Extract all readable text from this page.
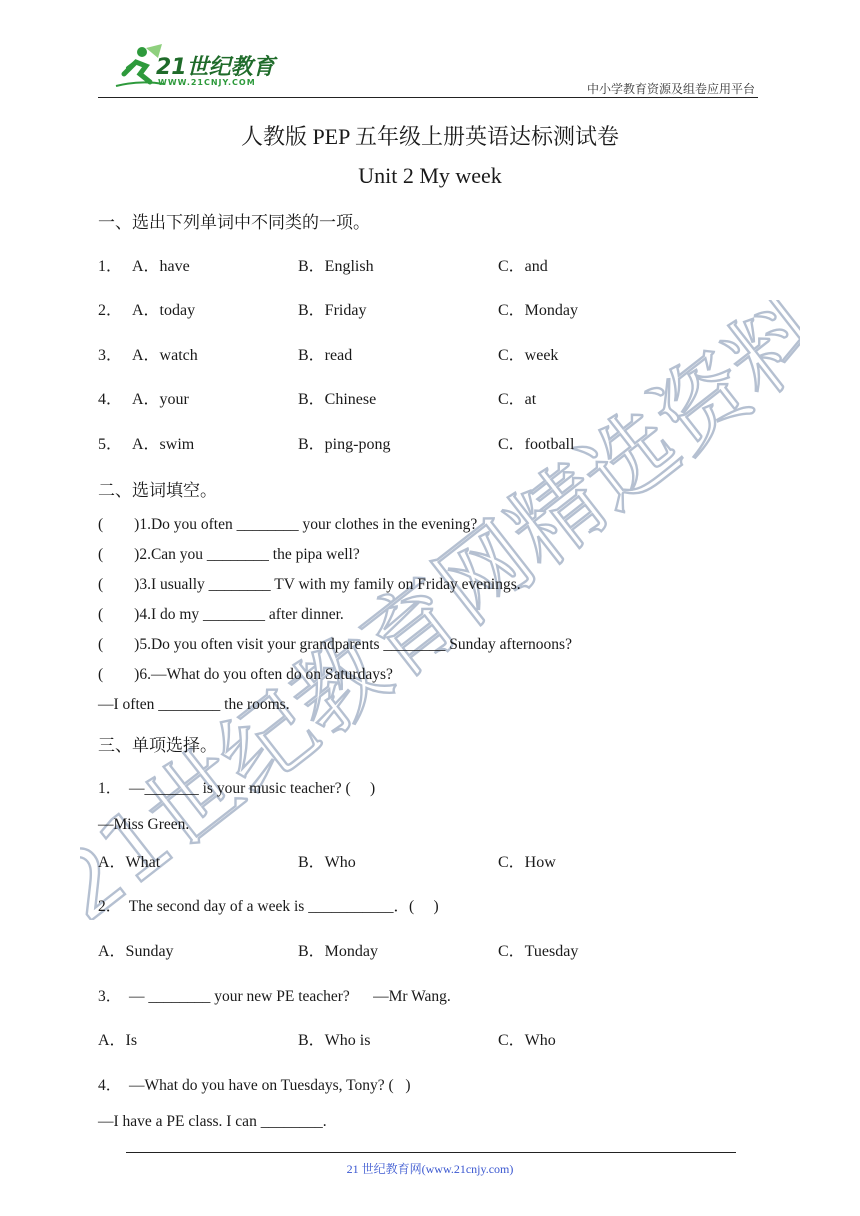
21世纪教育
WWW.21CNJY.COM	中小学教育资源及组卷应用平台
21世纪教育网精选资料
人教版 PEP 五年级上册英语达标测试卷
Unit 2 My week
一、选出下列单词中不同类的一项。
1． A．have	B．English	C．and
2． A．today	B．Friday	C．Monday
3． A．watch	B．read	C．week
4． A．your	B．Chinese	C．at
5． A．swim	B．ping-pong	C．football
二、选词填空。
(        )1.Do you often ________ your clothes in the evening?
(        )2.Can you ________ the pipa well?
(        )3.I usually ________ TV with my family on Friday evenings.
(        )4.I do my ________ after dinner.
(        )5.Do you often visit your grandparents ________ Sunday afternoons?
(        )6.—What do you often do on Saturdays?
—I often ________ the rooms.
三、单项选择。
1．  —_______ is your music teacher? (     )
—Miss Green.
A．What	B．Who	C．How
2．  The second day of a week is ___________．(     )
A．Sunday	B．Monday	C．Tuesday
3．  — ________ your new PE teacher?      —Mr Wang.
A．Is	B．Who is	C．Who
4．  —What do you have on Tuesdays, Tony? (   )
—I have a PE class. I can ________.
21 世纪教育网(www.21cnjy.com)
